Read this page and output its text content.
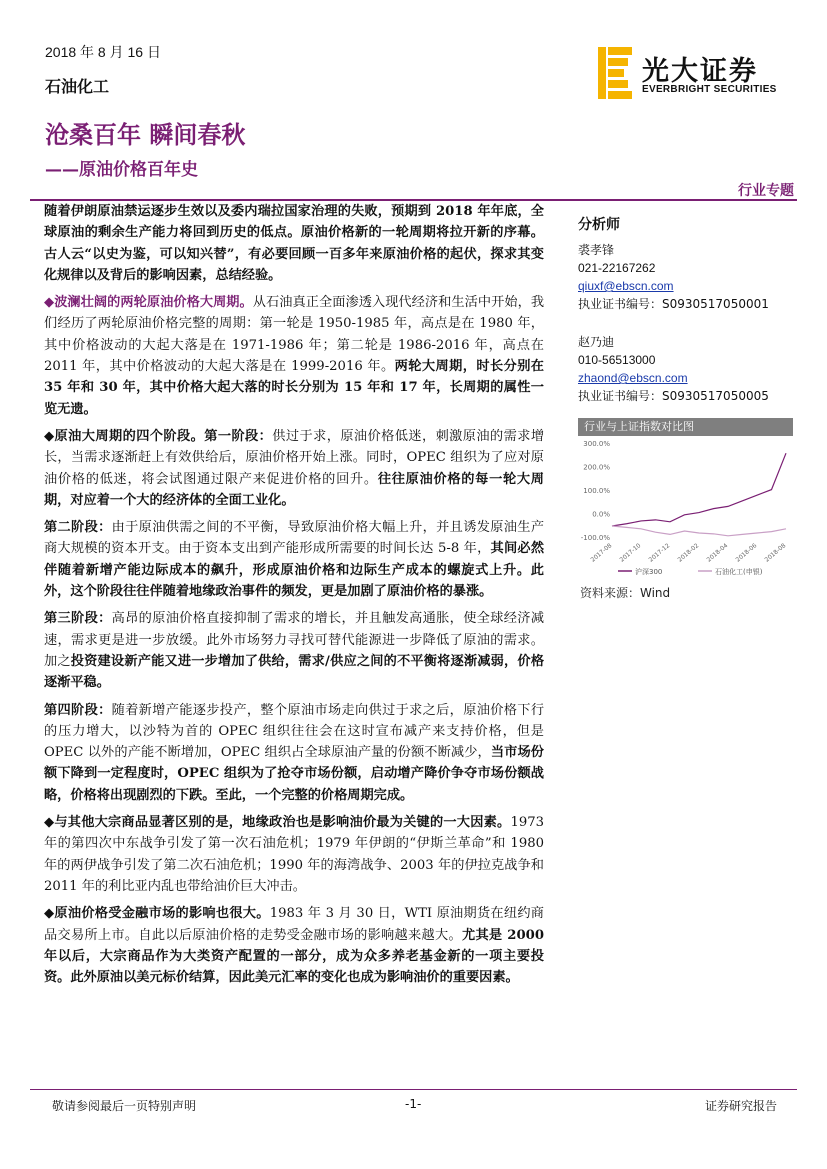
2018 年 8 月 16 日
石油化工	光大证券
EVERBRIGHT SECURITIES
沧桑百年 瞬间春秋
——原油价格百年史
行业专题

随着伊朗原油禁运逐步生效以及委内瑞拉国家治理的失败，预期到 2018 年年底，全球原油的剩余生产能力将回到历史的低点。原油价格新的一轮周期将拉开新的序幕。古人云“以史为鉴，可以知兴替”，有必要回顾一百多年来原油价格的起伏，探求其变化规律以及背后的影响因素，总结经验。

◆波澜壮阔的两轮原油价格大周期。从石油真正全面渗透入现代经济和生活中开始，我们经历了两轮原油价格完整的周期：第一轮是 1950-1985 年，高点是在 1980 年，其中价格波动的大起大落是在 1971-1986 年；第二轮是 1986-2016 年，高点在 2011 年，其中价格波动的大起大落是在 1999-2016 年。两轮大周期，时长分别在 35 年和 30 年，其中价格大起大落的时长分别为 15 年和 17 年，长周期的属性一览无遗。

◆原油大周期的四个阶段。第一阶段：供过于求，原油价格低迷，刺激原油的需求增长，当需求逐渐赶上有效供给后，原油价格开始上涨。同时，OPEC 组织为了应对原油价格的低迷，将会试图通过限产来促进价格的回升。往往原油价格的每一轮大周期，对应着一个大的经济体的全面工业化。

第二阶段：由于原油供需之间的不平衡，导致原油价格大幅上升，并且诱发原油生产商大规模的资本开支。由于资本支出到产能形成所需要的时间长达 5-8 年，其间必然伴随着新增产能边际成本的飙升，形成原油价格和边际生产成本的螺旋式上升。此外，这个阶段往往伴随着地缘政治事件的频发，更是加剧了原油价格的暴涨。

第三阶段：高昂的原油价格直接抑制了需求的增长，并且触发高通胀，使全球经济减速，需求更是进一步放缓。此外市场努力寻找可替代能源进一步降低了原油的需求。加之投资建设新产能又进一步增加了供给，需求/供应之间的不平衡将逐渐减弱，价格逐渐平稳。

第四阶段：随着新增产能逐步投产，整个原油市场走向供过于求之后，原油价格下行的压力增大，以沙特为首的 OPEC 组织往往会在这时宣布减产来支持价格，但是 OPEC 以外的产能不断增加，OPEC 组织占全球原油产量的份额不断减少，当市场份额下降到一定程度时，OPEC 组织为了抢夺市场份额，启动增产降价争夺市场份额战略，价格将出现剧烈的下跌。至此，一个完整的价格周期完成。

◆与其他大宗商品显著区别的是，地缘政治也是影响油价最为关键的一大因素。1973 年的第四次中东战争引发了第一次石油危机；1979 年伊朗的“伊斯兰革命”和 1980 年的两伊战争引发了第二次石油危机；1990 年的海湾战争、2003 年的伊拉克战争和 2011 年的利比亚内乱也带给油价巨大冲击。

◆原油价格受金融市场的影响也很大。1983 年 3 月 30 日，WTI 原油期货在纽约商品交易所上市。自此以后原油价格的走势受金融市场的影响越来越大。尤其是 2000 年以后，大宗商品作为大类资产配置的一部分，成为众多养老基金新的一项主要投资。此外原油以美元标价结算，因此美元汇率的变化也成为影响油价的重要因素。

分析师
裘孝锋
021-22167262
qiuxf@ebscn.com
执业证书编号：S0930517050001
赵乃迪
010-56513000
zhaond@ebscn.com
执业证书编号：S0930517050005
行业与上证指数对比图
300.0%
200.0%
100.0%
0.0%
-100.0%
2017-08 2017-10 2017-12 2018-02 2018-04 2018-06 2018-08
沪深300	石油化工(申银)
资料来源：Wind
敬请参阅最后一页特别声明	-1-	证券研究报告
